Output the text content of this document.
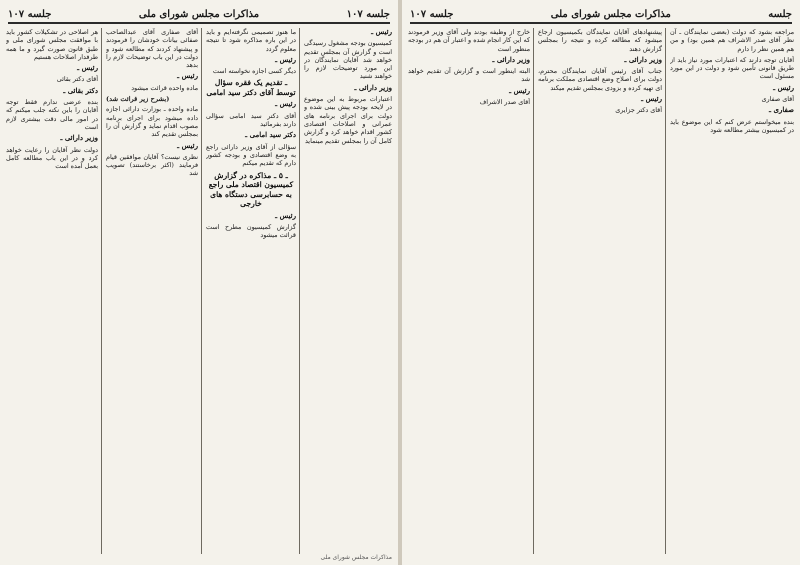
جلسه ۱۰۷
مذاکرات مجلس شورای ملی
جلسه ۱۰۷
رئیس ـ
کمیسیون بودجه مشغول رسیدگی است و گزارش آن بمجلس تقدیم خواهد شد آقایان نمایندگان در این مورد توضیحات لازم را خواهند شنید
وزیر دارائی ـ
اعتبارات مربوط به این موضوع در لایحه بودجه پیش بینی شده و دولت برای اجرای برنامه های عمرانی و اصلاحات اقتصادی کشور اقدام خواهد کرد و گزارش کامل آن را بمجلس تقدیم مینماید
ما هنوز تصمیمی نگرفته‌ایم و باید در این باره مذاکره شود تا نتیجه معلوم گردد
رئیس ـ
دیگر کسی اجازه نخواسته است
ـ تقدیم یک فقره سؤال توسط آقای دکتر سید امامی
رئیس ـ
آقای دکتر سید امامی سؤالی دارند بفرمائید
دکتر سید امامی ـ
سؤالی از آقای وزیر دارائی راجع به وضع اقتصادی و بودجه کشور دارم که تقدیم میکنم
ـ ۵ ـ مذاکره در گزارش کمیسیون اقتصاد ملی راجع به حسابرسی دستگاه های خارجی
رئیس ـ
گزارش کمیسیون مطرح است قرائت میشود
آقای صفاری آقای عبدالصاحب صفائی بیانات خودشان را فرمودند و پیشنهاد کردند که مطالعه شود و دولت در این باب توضیحات لازم را بدهد
رئیس ـ
ماده واحده قرائت میشود
(بشرح زیر قرائت شد)
ماده واحده ـ بوزارت دارائی اجازه داده میشود برای اجرای برنامه مصوب اقدام نماید و گزارش آن را بمجلس تقدیم کند
رئیس ـ
نظری نیست؟ آقایان موافقین قیام فرمایند (اکثر برخاستند) تصویب شد
هر اصلاحی در تشکیلات کشور باید با موافقت مجلس شورای ملی و طبق قانون صورت گیرد و ما همه طرفدار اصلاحات هستیم
رئیس ـ
آقای دکتر بقائی
دکتر بقائی ـ
بنده عرضی ندارم فقط توجه آقایان را باین نکته جلب میکنم که در امور مالی دقت بیشتری لازم است
وزیر دارائی ـ
دولت نظر آقایان را رعایت خواهد کرد و در این باب مطالعه کامل بعمل آمده است
مذاکرات مجلس شورای ملی
جلسه
مذاکرات مجلس شورای ملی
جلسه ۱۰۷
مراجعه بشود که دولت (بعضی نمایندگان ـ آن نظر آقای صدر الاشراف هم همین بود) و من هم همین نظر را دارم
آقایان توجه دارند که اعتبارات مورد نیاز باید از طریق قانونی تأمین شود و دولت در این مورد مسئول است
رئیس ـ
آقای صفاری
صفاری ـ
بنده میخواستم عرض کنم که این موضوع باید در کمیسیون بیشتر مطالعه شود
پیشنهادهای آقایان نمایندگان بکمیسیون ارجاع میشود که مطالعه کرده و نتیجه را بمجلس گزارش دهند
وزیر دارائی ـ
جناب آقای رئیس آقایان نمایندگان محترم، دولت برای اصلاح وضع اقتصادی مملکت برنامه ای تهیه کرده و بزودی بمجلس تقدیم میکند
رئیس ـ
آقای دکتر جزایری
خارج از وظیفه بودند ولی آقای وزیر فرمودند که این کار انجام شده و اعتبار آن هم در بودجه منظور است
وزیر دارائی ـ
البته اینطور است و گزارش آن تقدیم خواهد شد
رئیس ـ
آقای صدر الاشراف
